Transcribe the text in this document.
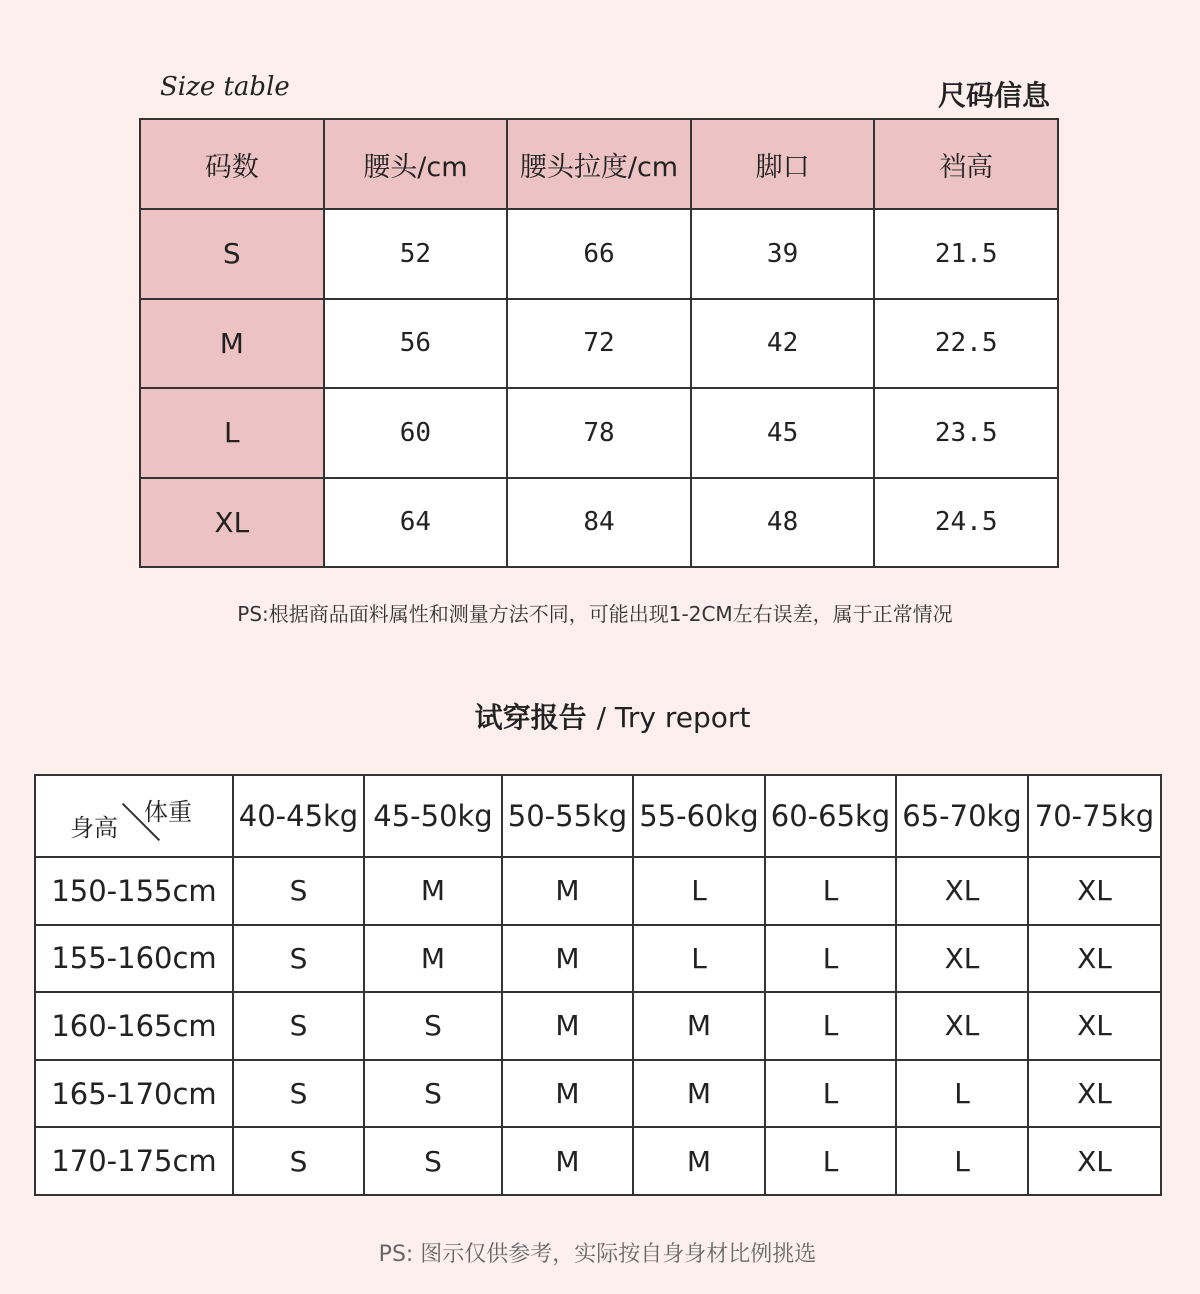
Size table	尺码信息
码数	腰头/cm	腰头拉度/cm	脚口	裆高
S	52	66	39	21.5
M	56	72	42	22.5
L	60	78	45	23.5
XL	64	84	48	24.5
PS:根据商品面料属性和测量方法不同，可能出现1-2CM左右误差，属于正常情况
试穿报告 / Try report
身高
体重	40-45kg	45-50kg	50-55kg	55-60kg	60-65kg	65-70kg	70-75kg
150-155cm	S	M	M	L	L	XL	XL
155-160cm	S	M	M	L	L	XL	XL
160-165cm	S	S	M	M	L	XL	XL
165-170cm	S	S	M	M	L	L	XL
170-175cm	S	S	M	M	L	L	XL
PS: 图示仅供参考，实际按自身身材比例挑选
